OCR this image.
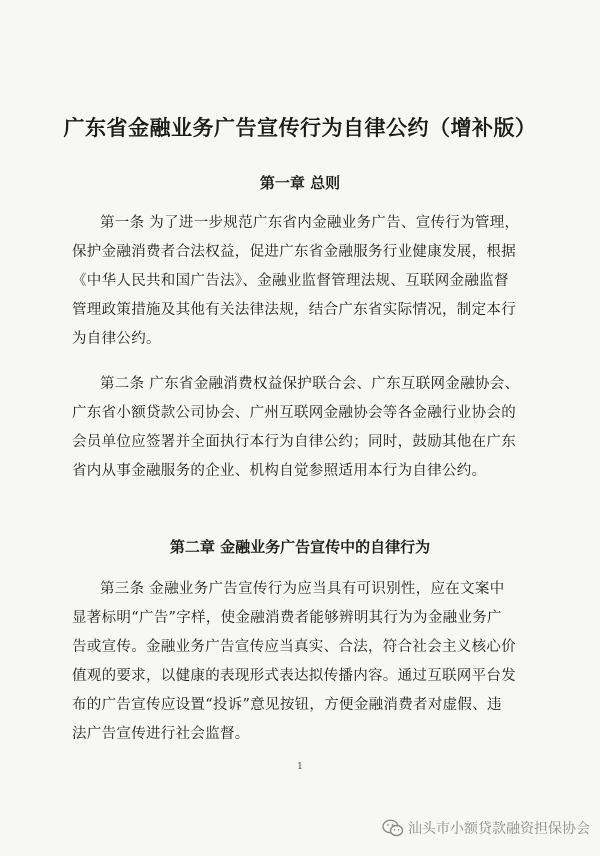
广东省金融业务广告宣传行为自律公约（增补版）
第一章 总则
第一条 为了进一步规范广东省内金融业务广告、宣传行为管理，
保护金融消费者合法权益，促进广东省金融服务行业健康发展，根据
《中华人民共和国广告法》、金融业监督管理法规、互联网金融监督
管理政策措施及其他有关法律法规，结合广东省实际情况，制定本行
为自律公约。
第二条 广东省金融消费权益保护联合会、广东互联网金融协会、
广东省小额贷款公司协会、广州互联网金融协会等各金融行业协会的
会员单位应签署并全面执行本行为自律公约；同时，鼓励其他在广东
省内从事金融服务的企业、机构自觉参照适用本行为自律公约。
第二章 金融业务广告宣传中的自律行为
第三条 金融业务广告宣传行为应当具有可识别性，应在文案中
显著标明“广告”字样，使金融消费者能够辨明其行为为金融业务广
告或宣传。金融业务广告宣传应当真实、合法，符合社会主义核心价
值观的要求，以健康的表现形式表达拟传播内容。通过互联网平台发
布的广告宣传应设置“投诉”意见按钮，方便金融消费者对虚假、违
法广告宣传进行社会监督。
1
汕头市小额贷款融资担保协会
